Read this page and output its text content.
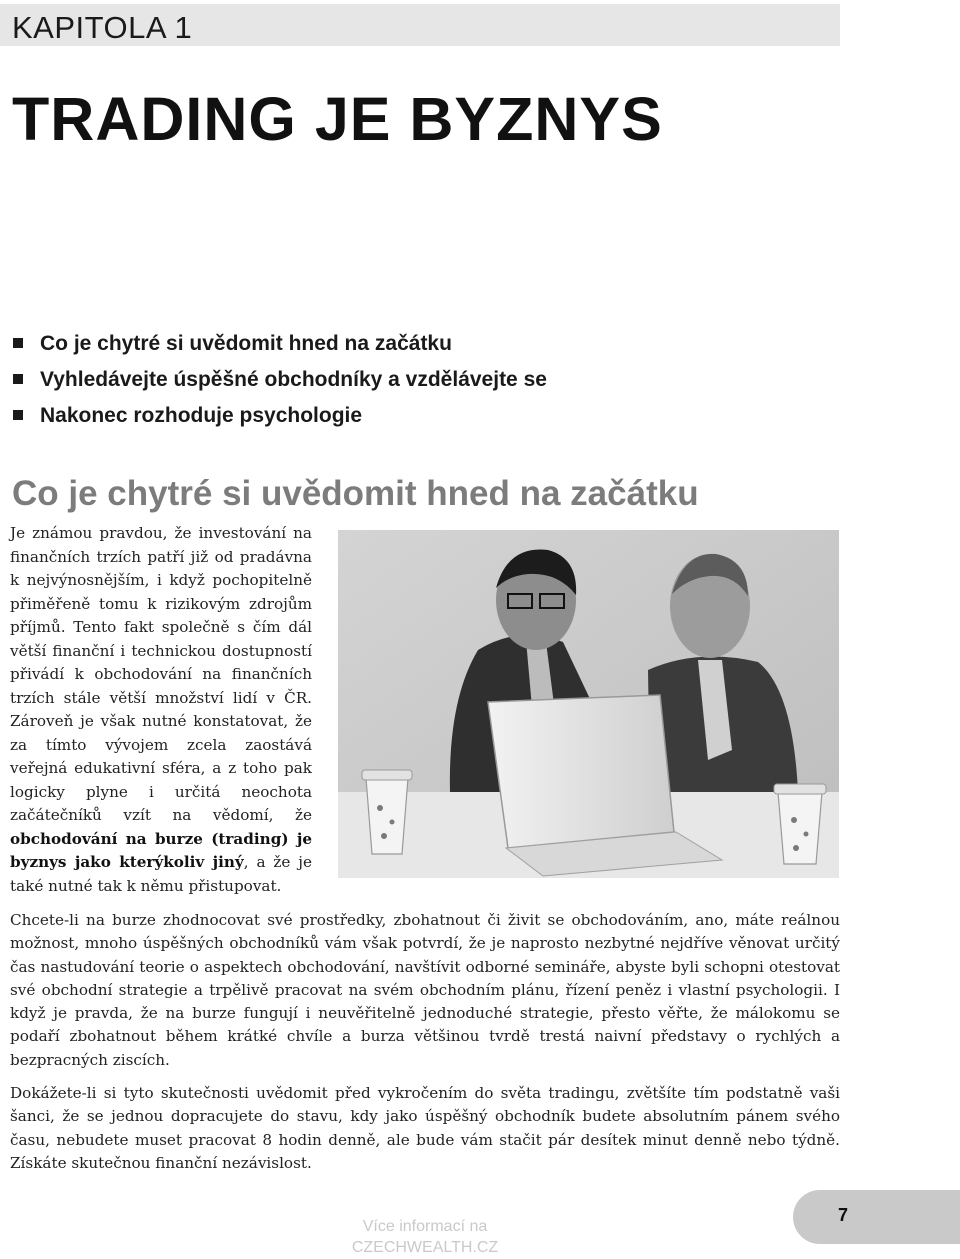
KAPITOLA 1
TRADING JE BYZNYS
Co je chytré si uvědomit hned na začátku
Vyhledávejte úspěšné obchodníky a vzdělávejte se
Nakonec rozhoduje psychologie
Co je chytré si uvědomit hned na začátku

Je známou pravdou, že investování na finančních trzích patří již od pradávna k nejvýnosnějším, i když pochopitelně přiměřeně tomu k rizikovým zdrojům příjmů. Tento fakt společně s čím dál větší finanční i technickou dostupností přivádí k obchodování na finančních trzích stále větší množství lidí v ČR. Zároveň je však nutné konstatovat, že za tímto vývojem zcela zaostává veřejná edukativní sféra, a z toho pak logicky plyne i určitá neochota začátečníků vzít na vědomí, že obchodování na burze (trading) je byznys jako kterýkoliv jiný, a že je také nutné tak k němu přistupovat.

Chcete-li na burze zhodnocovat své prostředky, zbohatnout či živit se obchodováním, ano, máte reálnou možnost, mnoho úspěšných obchodníků vám však potvrdí, že je naprosto nezbytné nejdříve věnovat určitý čas nastudování teorie o aspektech obchodování, navštívit odborné semináře, abyste byli schopni otestovat své obchodní strategie a trpělivě pracovat na svém obchodním plánu, řízení peněz i vlastní psychologii. I když je pravda, že na burze fungují i neuvěřitelně jednoduché strategie, přesto věřte, že málokomu se podaří zbohatnout během krátké chvíle a burza většinou tvrdě trestá naivní představy o rychlých a bezpracných ziscích.

Dokážete-li si tyto skutečnosti uvědomit před vykročením do světa tradingu, zvětšíte tím podstatně vaši šanci, že se jednou dopracujete do stavu, kdy jako úspěšný obchodník budete absolutním pánem svého času, nebudete muset pracovat 8 hodin denně, ale bude vám stačit pár desítek minut denně nebo týdně. Získáte skutečnou finanční nezávislost.

Více informací na
CZECHWEALTH.CZ
7
